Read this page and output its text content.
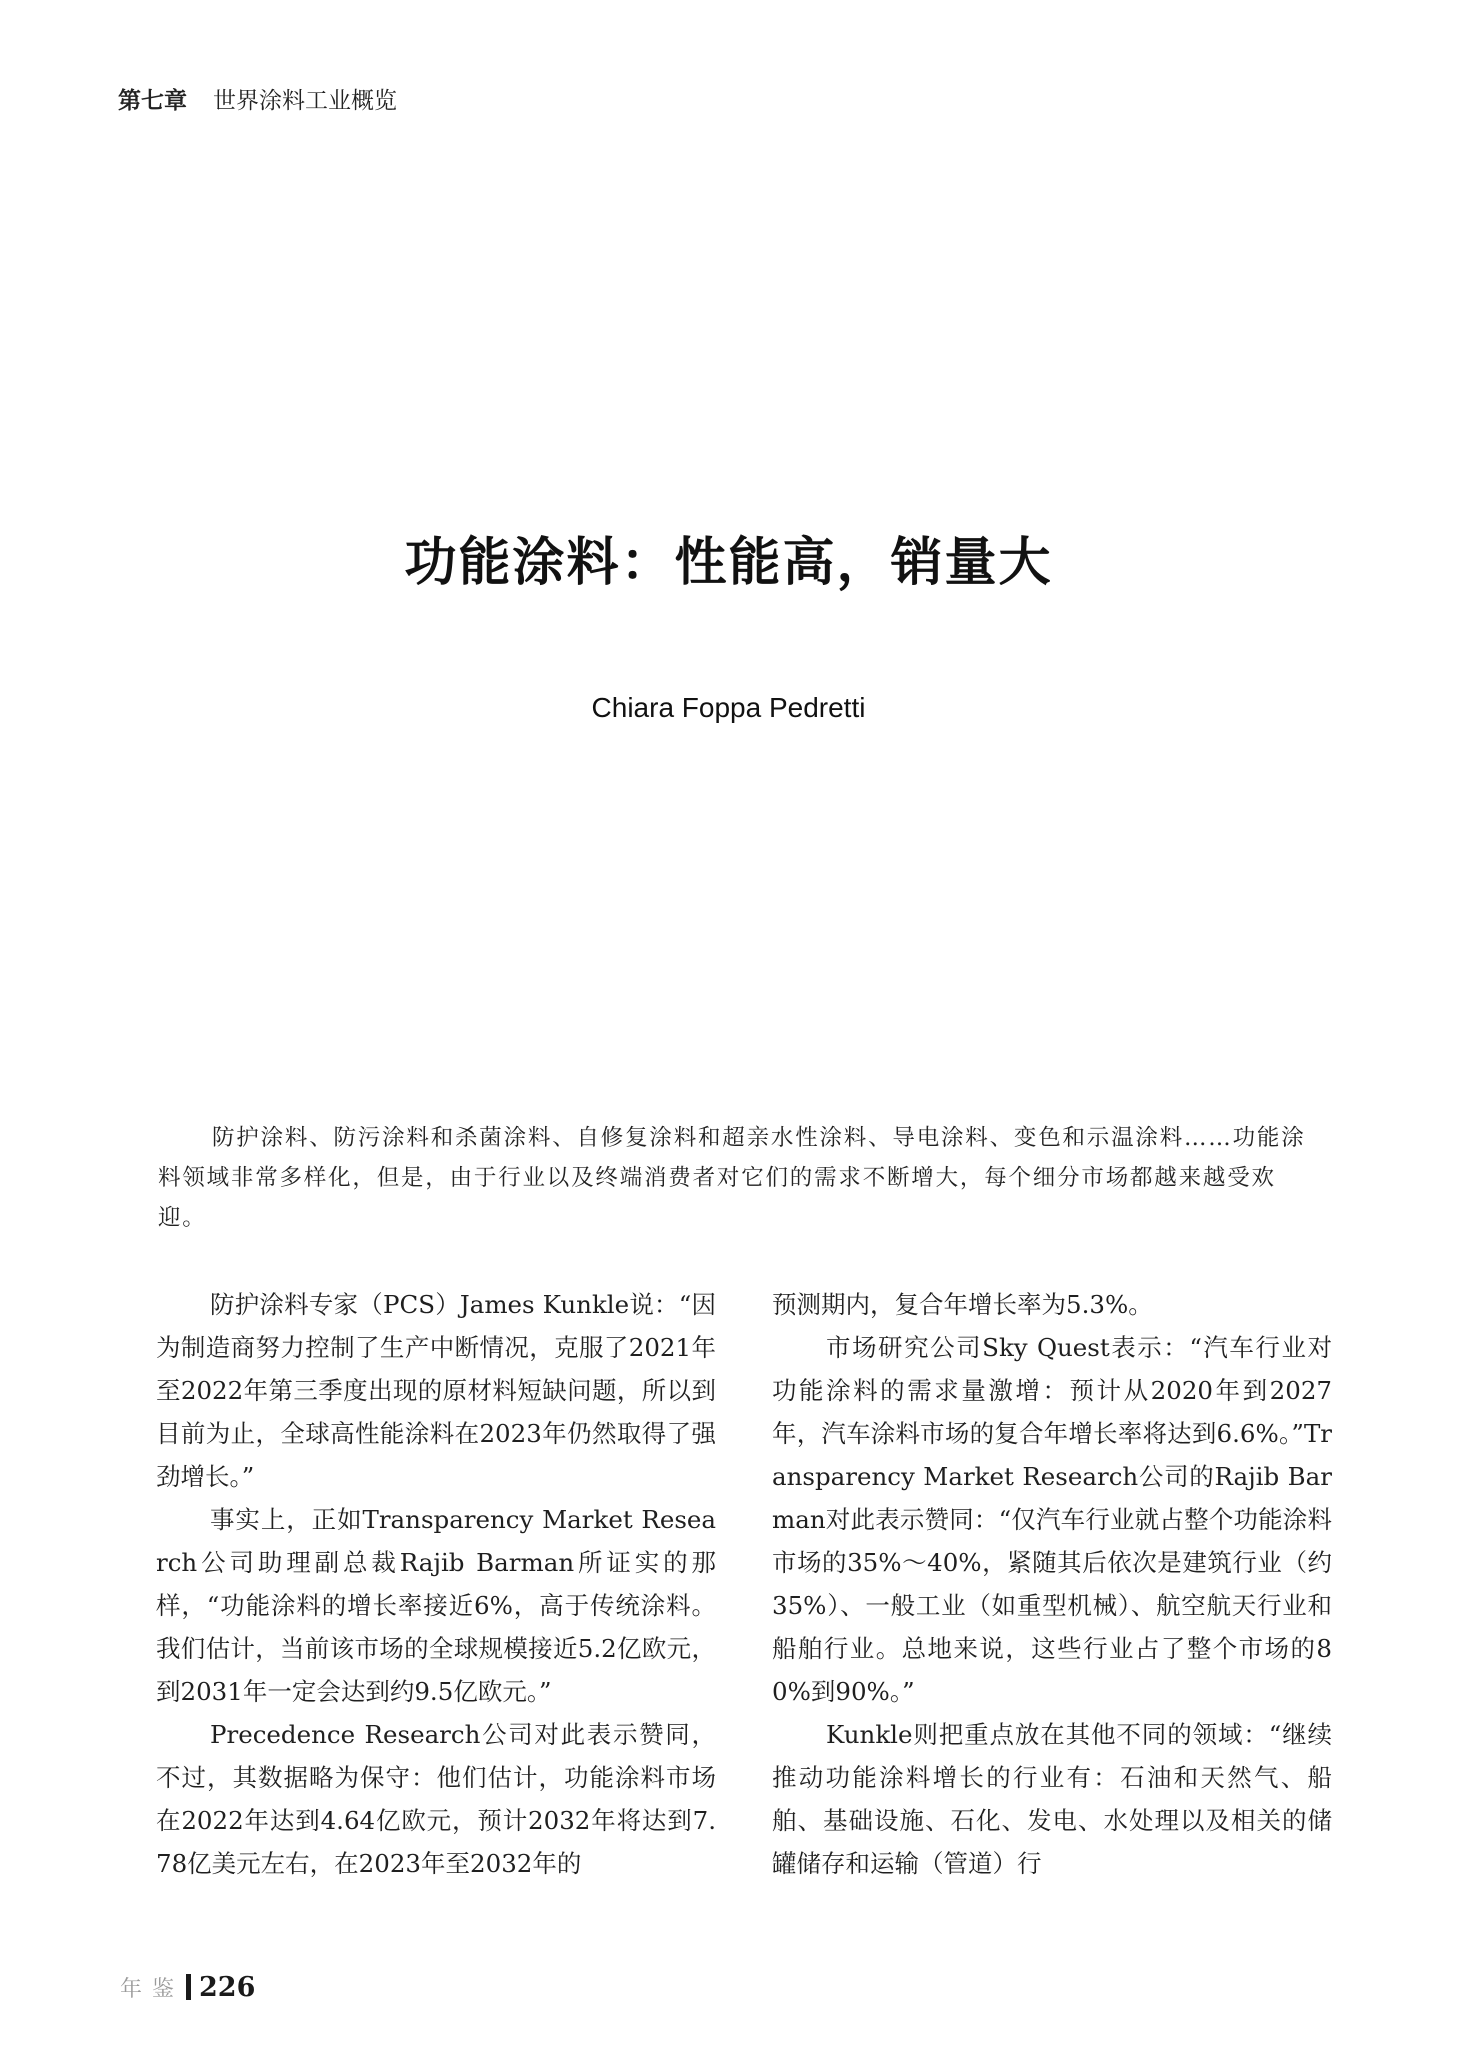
第七章 世界涂料工业概览
功能涂料：性能高，销量大
Chiara Foppa Pedretti

防护涂料、防污涂料和杀菌涂料、自修复涂料和超亲水性涂料、导电涂料、变色和示温涂料……功能涂料领域非常多样化，但是，由于行业以及终端消费者对它们的需求不断增大，每个细分市场都越来越受欢迎。

防护涂料专家（PCS）James Kunkle说：“因为制造商努力控制了生产中断情况，克服了2021年至2022年第三季度出现的原材料短缺问题，所以到目前为止，全球高性能涂料在2023年仍然取得了强劲增长。”

事实上，正如Transparency Market Research公司助理副总裁Rajib Barman所证实的那样，“功能涂料的增长率接近6%，高于传统涂料。我们估计，当前该市场的全球规模接近5.2亿欧元，到2031年一定会达到约9.5亿欧元。”

Precedence Research公司对此表示赞同，不过，其数据略为保守：他们估计，功能涂料市场在2022年达到4.64亿欧元，预计2032年将达到7.78亿美元左右，在2023年至2032年的

预测期内，复合年增长率为5.3%。

市场研究公司Sky Quest表示：“汽车行业对功能涂料的需求量激增：预计从2020年到2027年，汽车涂料市场的复合年增长率将达到6.6%。”Transparency Market Research公司的Rajib Barman对此表示赞同：“仅汽车行业就占整个功能涂料市场的35%～40%，紧随其后依次是建筑行业（约35%）、一般工业（如重型机械）、航空航天行业和船舶行业。总地来说，这些行业占了整个市场的80%到90%。”

Kunkle则把重点放在其他不同的领域：“继续推动功能涂料增长的行业有：石油和天然气、船舶、基础设施、石化、发电、水处理以及相关的储罐储存和运输（管道）行

年鉴 226
